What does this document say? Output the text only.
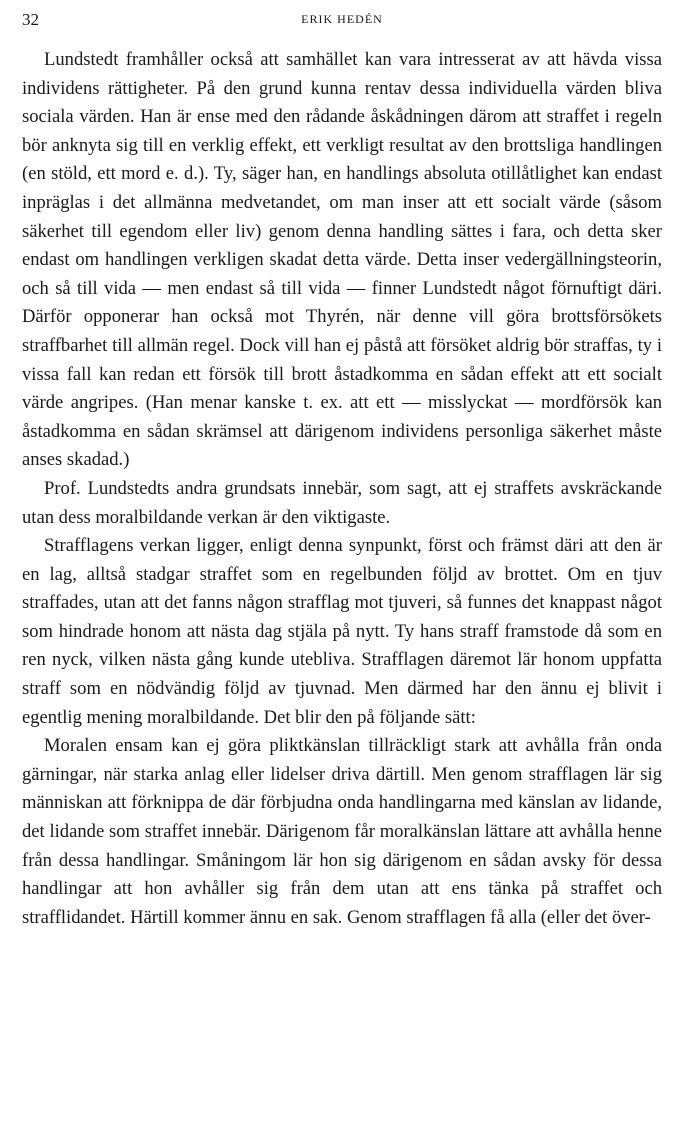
32	ERIK HEDÉN

Lundstedt framhåller också att samhället kan vara intresserat av att hävda vissa individens rättigheter. På den grund kunna rentav dessa individuella värden bliva sociala värden. Han är ense med den rådande åskådningen därom att straffet i regeln bör anknyta sig till en verklig effekt, ett verkligt resultat av den brottsliga handlingen (en stöld, ett mord e. d.). Ty, säger han, en handlings absoluta otillåtlighet kan endast inpräglas i det allmänna medvetandet, om man inser att ett socialt värde (såsom säkerhet till egendom eller liv) genom denna handling sättes i fara, och detta sker endast om handlingen verkligen skadat detta värde. Detta inser vedergällningsteorin, och så till vida — men endast så till vida — finner Lundstedt något förnuftigt däri. Därför opponerar han också mot Thyrén, när denne vill göra brottsförsökets straffbarhet till allmän regel. Dock vill han ej påstå att försöket aldrig bör straffas, ty i vissa fall kan redan ett försök till brott åstadkomma en sådan effekt att ett socialt värde angripes. (Han menar kanske t. ex. att ett — misslyckat — mordförsök kan åstadkomma en sådan skrämsel att därigenom individens personliga säkerhet måste anses skadad.)

Prof. Lundstedts andra grundsats innebär, som sagt, att ej straffets avskräckande utan dess moralbildande verkan är den viktigaste.

Strafflagens verkan ligger, enligt denna synpunkt, först och främst däri att den är en lag, alltså stadgar straffet som en regelbunden följd av brottet. Om en tjuv straffades, utan att det fanns någon strafflag mot tjuveri, så funnes det knappast något som hindrade honom att nästa dag stjäla på nytt. Ty hans straff framstode då som en ren nyck, vilken nästa gång kunde utebliva. Strafflagen däremot lär honom uppfatta straff som en nödvändig följd av tjuvnad. Men därmed har den ännu ej blivit i egentlig mening moralbildande. Det blir den på följande sätt:

Moralen ensam kan ej göra pliktkänslan tillräckligt stark att avhålla från onda gärningar, när starka anlag eller lidelser driva därtill. Men genom strafflagen lär sig människan att förknippa de där förbjudna onda handlingarna med känslan av lidande, det lidande som straffet innebär. Därigenom får moralkänslan lättare att avhålla henne från dessa handlingar. Småningom lär hon sig därigenom en sådan avsky för dessa handlingar att hon avhåller sig från dem utan att ens tänka på straffet och strafflidandet. Härtill kommer ännu en sak. Genom strafflagen få alla (eller det över-
